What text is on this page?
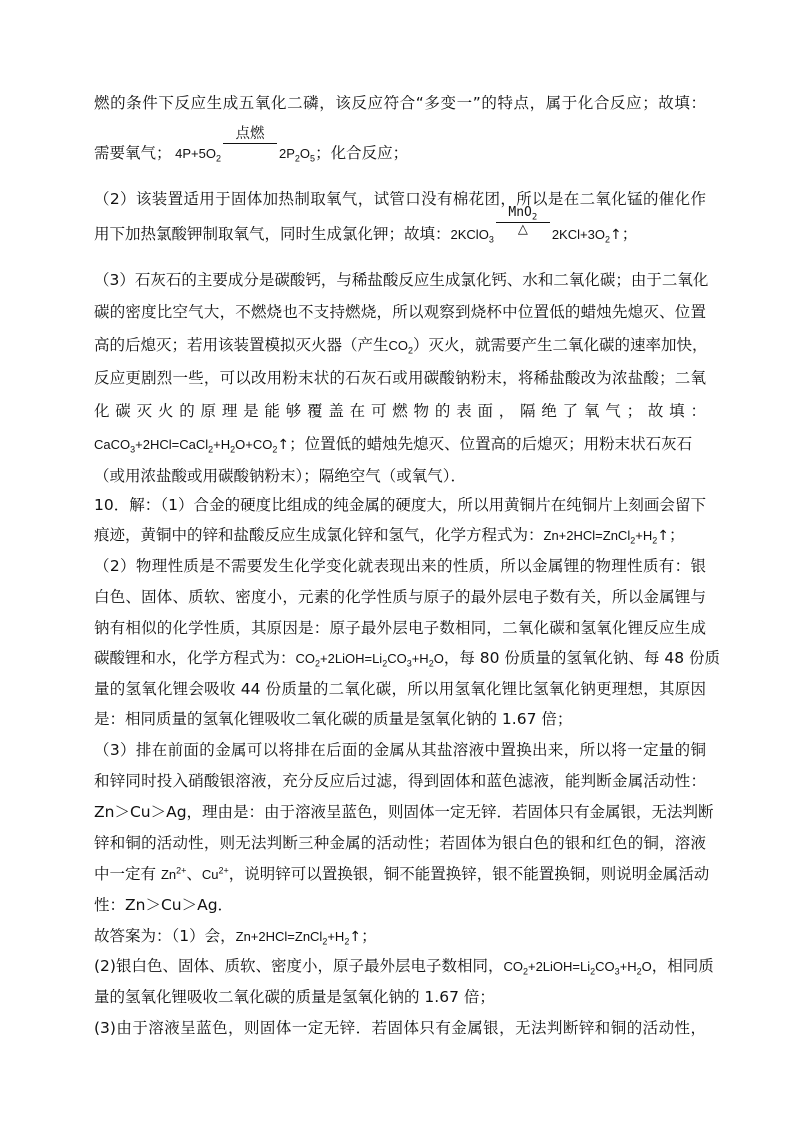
燃的条件下反应生成五氧化二磷，该反应符合“多变一”的特点，属于化合反应；故填：
需要氧气； $4P+5O_2$
点燃
$2P_2O_5$；化合反应；
（2）该装置适用于固体加热制取氧气，试管口没有棉花团，所以是在二氧化锰的催化作
用下加热氯酸钾制取氧气，同时生成氯化钾；故填：2KClO$_3$
MnO$_2$
△	$2KCl+3O_2↑$；
（3）石灰石的主要成分是碳酸钙，与稀盐酸反应生成氯化钙、水和二氧化碳；由于二氧化
碳的密度比空气大，不燃烧也不支持燃烧，所以观察到烧杯中位置低的蜡烛先熄灭、位置
高的后熄灭；若用该装置模拟灭火器（产生$CO_2$）灭火，就需要产生二氧化碳的速率加快，
反应更剧烈一些，可以改用粉末状的石灰石或用碳酸钠粉末，将稀盐酸改为浓盐酸；二氧
化碳灭火的原理是能够覆盖在可燃物的表面，隔绝了氧气；故填：
$CaCO_3+2HCl=CaCl_2+H_2O+CO_2↑$；位置低的蜡烛先熄灭、位置高的后熄灭；用粉末状石灰石
（或用浓盐酸或用碳酸钠粉末）；隔绝空气（或氧气）．
10．解：（1）合金的硬度比组成的纯金属的硬度大，所以用黄铜片在纯铜片上刻画会留下
痕迹，黄铜中的锌和盐酸反应生成氯化锌和氢气，化学方程式为：$Zn+2HCl=ZnCl_2+H_2↑$；
（2）物理性质是不需要发生化学变化就表现出来的性质，所以金属锂的物理性质有：银
白色、固体、质软、密度小，元素的化学性质与原子的最外层电子数有关，所以金属锂与
钠有相似的化学性质，其原因是：原子最外层电子数相同，二氧化碳和氢氧化锂反应生成
碳酸锂和水，化学方程式为：$CO_2+2LiOH=Li_2CO_3+H_2O$，每 80 份质量的氢氧化钠、每 48 份质
量的氢氧化锂会吸收 44 份质量的二氧化碳，所以用氢氧化锂比氢氧化钠更理想，其原因
是：相同质量的氢氧化锂吸收二氧化碳的质量是氢氧化钠的 1.67 倍；
（3）排在前面的金属可以将排在后面的金属从其盐溶液中置换出来，所以将一定量的铜
和锌同时投入硝酸银溶液，充分反应后过滤，得到固体和蓝色滤液，能判断金属活动性：
Zn＞Cu＞Ag，理由是：由于溶液呈蓝色，则固体一定无锌．若固体只有金属银，无法判断
锌和铜的活动性，则无法判断三种金属的活动性；若固体为银白色的银和红色的铜，溶液
中一定有 $Zn^{2+}$、$Cu^{2+}$，说明锌可以置换银，铜不能置换锌，银不能置换铜，则说明金属活动
性：Zn＞Cu＞Ag．
故答案为：（1）会，$Zn+2HCl=ZnCl_2+H_2↑$；
(2)银白色、固体、质软、密度小，原子最外层电子数相同，$CO_2+2LiOH=Li_2CO_3+H_2O$，相同质
量的氢氧化锂吸收二氧化碳的质量是氢氧化钠的 1.67 倍；
(3)由于溶液呈蓝色，则固体一定无锌．若固体只有金属银，无法判断锌和铜的活动性，
